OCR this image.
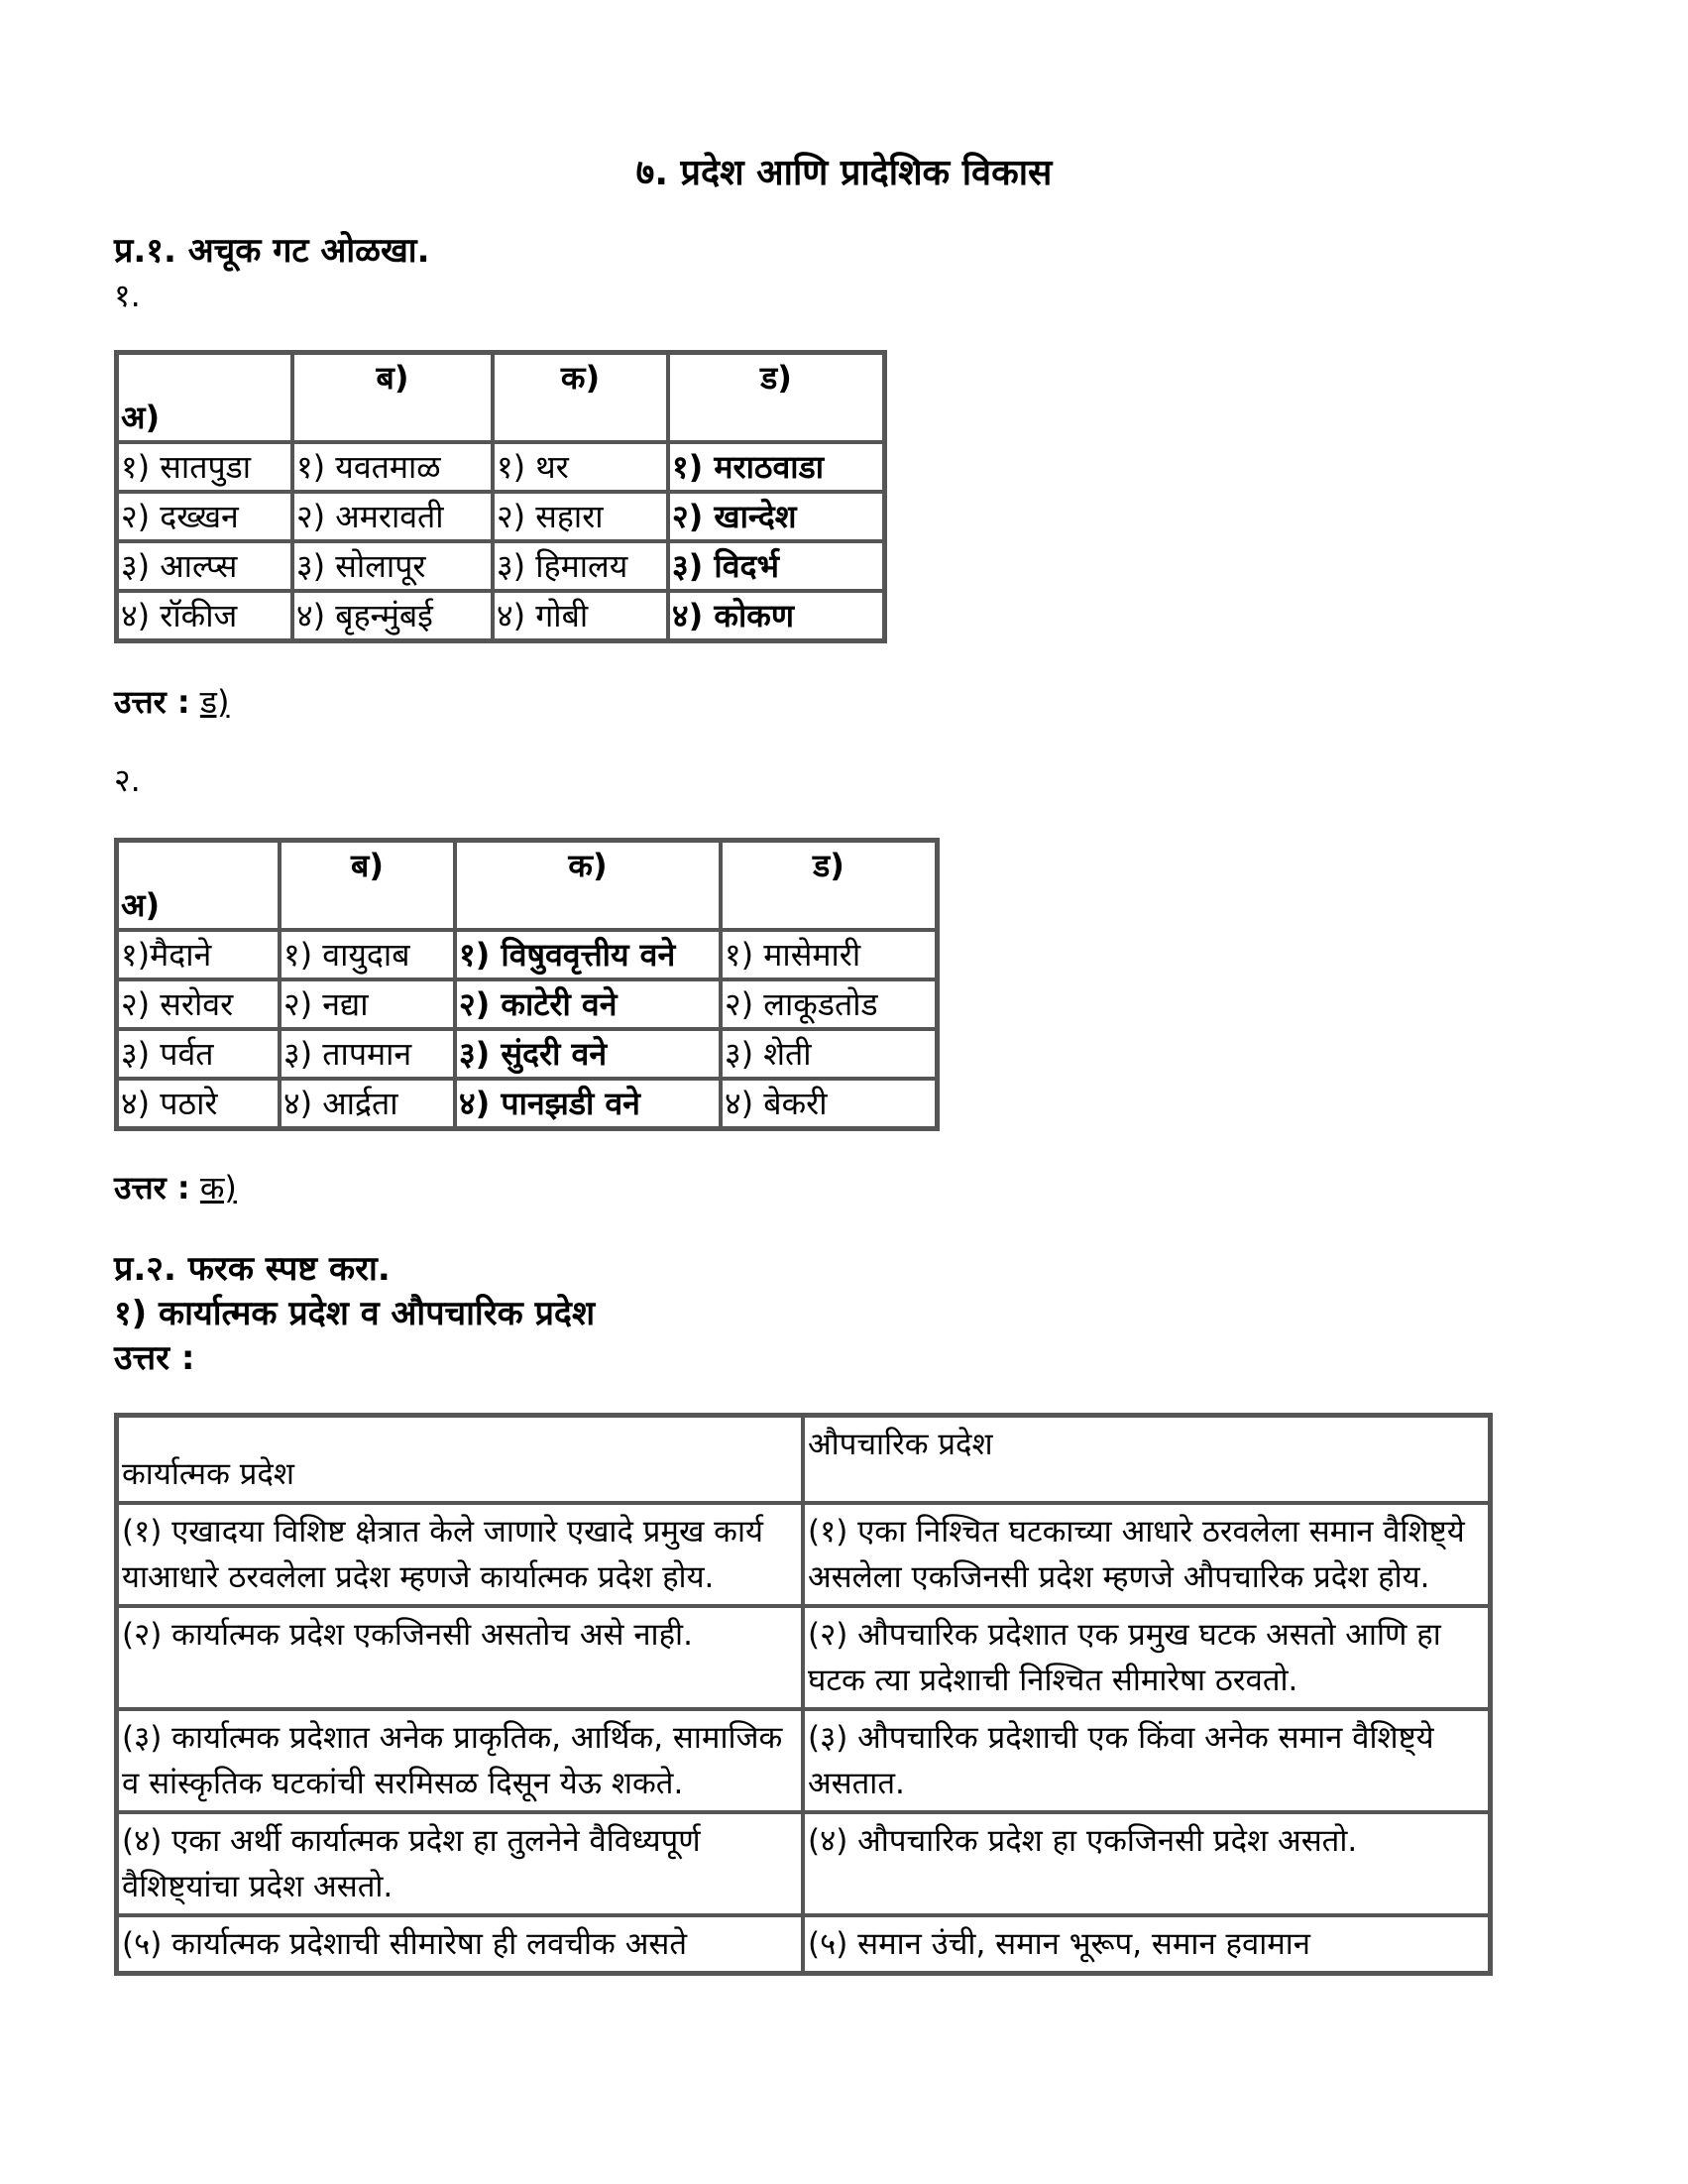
७. प्रदेश आणि प्रादेशिक विकास

प्र.१. अचूक गट ओळखा.

१.

अ)	ब)	क)	ड)
१) सातपुडा	१) यवतमाळ	१) थर	१) मराठवाडा
२) दख्खन	२) अमरावती	२) सहारा	२) खान्देश
३) आल्प्स	३) सोलापूर	३) हिमालय	३) विदर्भ
४) रॉकीज	४) बृहन्मुंबई	४) गोबी	४) कोकण

उत्तर : ड)

२.

अ)	ब)	क)	ड)
१)मैदाने	१) वायुदाब	१) विषुववृत्तीय वने	१) मासेमारी
२) सरोवर	२) नद्या	२) काटेरी वने	२) लाकूडतोड
३) पर्वत	३) तापमान	३) सुंदरी वने	३) शेती
४) पठारे	४) आर्द्रता	४) पानझडी वने	४) बेकरी

उत्तर : क)

प्र.२. फरक स्पष्ट करा.

१) कार्यात्मक प्रदेश व औपचारिक प्रदेश

उत्तर :

कार्यात्मक प्रदेश	औपचारिक प्रदेश
(१) एखादया विशिष्ट क्षेत्रात केले जाणारे एखादे प्रमुख कार्य याआधारे ठरवलेला प्रदेश म्हणजे कार्यात्मक प्रदेश होय.	(१) एका निश्चित घटकाच्या आधारे ठरवलेला समान वैशिष्ट्ये असलेला एकजिनसी प्रदेश म्हणजे औपचारिक प्रदेश होय.
(२) कार्यात्मक प्रदेश एकजिनसी असतोच असे नाही.	(२) औपचारिक प्रदेशात एक प्रमुख घटक असतो आणि हा घटक त्या प्रदेशाची निश्चित सीमारेषा ठरवतो.
(३) कार्यात्मक प्रदेशात अनेक प्राकृतिक, आर्थिक, सामाजिक व सांस्कृतिक घटकांची सरमिसळ दिसून येऊ शकते.	(३) औपचारिक प्रदेशाची एक किंवा अनेक समान वैशिष्ट्ये असतात.
(४) एका अर्थी कार्यात्मक प्रदेश हा तुलनेने वैविध्यपूर्ण वैशिष्ट्यांचा प्रदेश असतो.	(४) औपचारिक प्रदेश हा एकजिनसी प्रदेश असतो.
(५) कार्यात्मक प्रदेशाची सीमारेषा ही लवचीक असते	(५) समान उंची, समान भूरूप, समान हवामान
